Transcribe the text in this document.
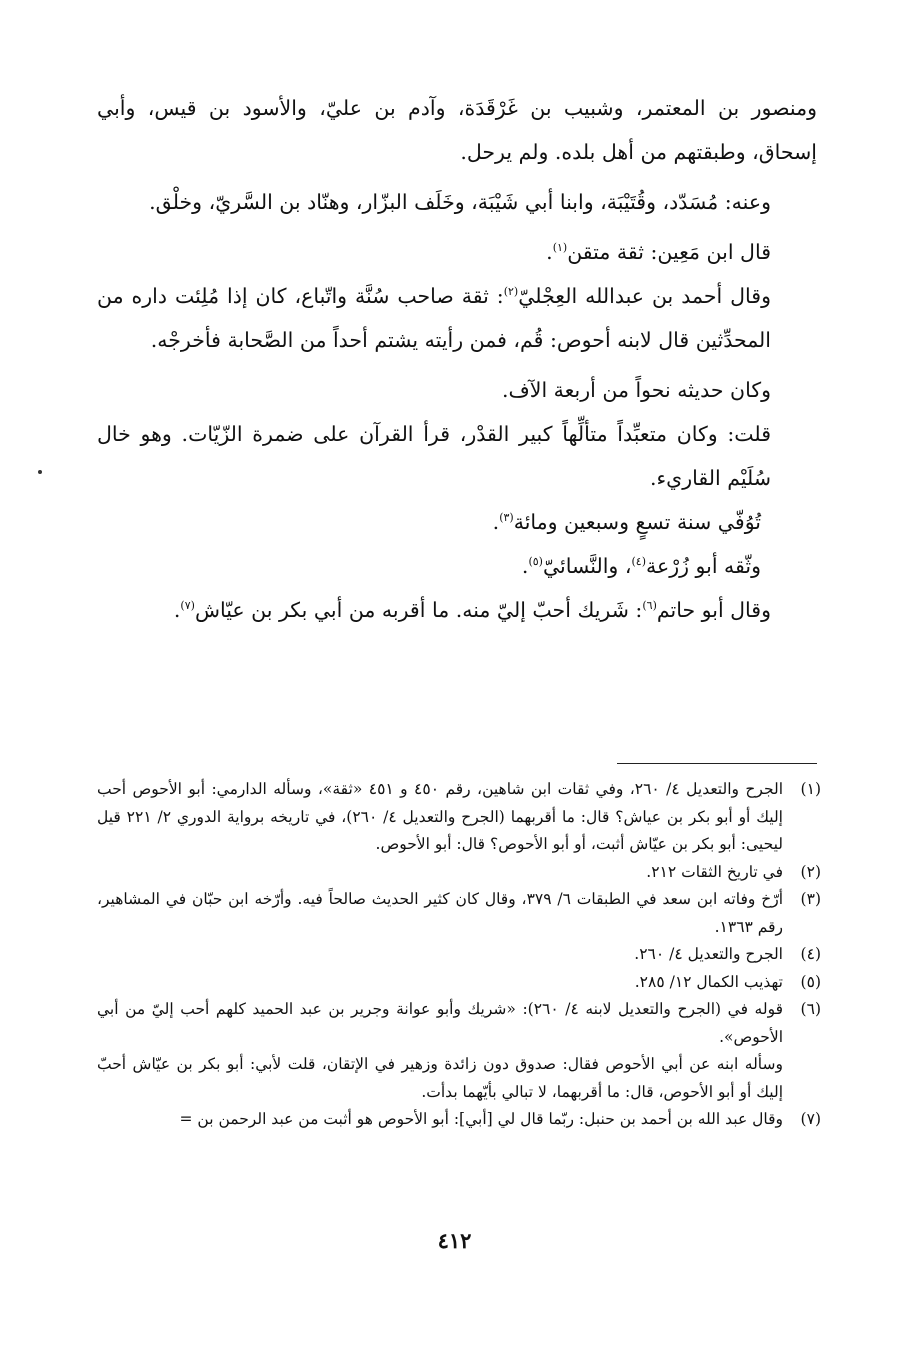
ومنصور بن المعتمر، وشبيب بن غَرْقَدَة، وآدم بن عليّ، والأسود بن قيس، وأبي إسحاق، وطبقتهم من أهل بلده. ولم يرحل.

وعنه: مُسَدّد، وقُتَيْبَة، وابنا أبي شَيْبَة، وخَلَف البزّار، وهنّاد بن السَّريّ، وخلْق.

قال ابن مَعِين: ثقة متقن$^{(١)}$.

وقال أحمد بن عبدالله العِجْليّ$^{(٢)}$: ثقة صاحب سُنَّة واتّباع، كان إذا مُلِئت داره من المحدِّثين قال لابنه أحوص: قُم، فمن رأيته يشتم أحداً من الصَّحابة فأخرجْه.

وكان حديثه نحواً من أربعة الآف.

قلت: وكان متعبِّداً متألِّهاً كبير القدْر، قرأ القرآن على ضمرة الزّيّات. وهو خال سُلَيْم القاريء.

تُوُفّي سنة تسعٍ وسبعين ومائة$^{(٣)}$.

وثّقه أبو زُرْعة$^{(٤)}$، والنَّسائيّ$^{(٥)}$.

وقال أبو حاتم$^{(٦)}$: شَريك أحبّ إليّ منه. ما أقربه من أبي بكر بن عيّاش$^{(٧)}$.

(١)
الجرح والتعديل ٤/ ٢٦٠، وفي ثقات ابن شاهين، رقم ٤٥٠ و ٤٥١ «ثقة»، وسأله الدارمي: أبو الأحوص أحب إليك أو أبو بكر بن عياش؟ قال: ما أقربهما (الجرح والتعديل ٤/ ٢٦٠)، في تاريخه برواية الدوري ٢/ ٢٢١ قيل ليحيى: أبو بكر بن عيّاش أثبت، أو أبو الأحوص؟ قال: أبو الأحوص.
(٢)
في تاريخ الثقات ٢١٢.
(٣)
أرّخ وفاته ابن سعد في الطبقات ٦/ ٣٧٩، وقال كان كثير الحديث صالحاً فيه. وأرّخه ابن حبّان في المشاهير، رقم ١٣٦٣.
(٤)
الجرح والتعديل ٤/ ٢٦٠.
(٥)
تهذيب الكمال ١٢/ ٢٨٥.
(٦)
قوله في (الجرح والتعديل لابنه ٤/ ٢٦٠): «شريك وأبو عوانة وجرير بن عبد الحميد كلهم أحب إليّ من أبي الأحوص».
وسأله ابنه عن أبي الأحوص فقال: صدوق دون زائدة وزهير في الإتقان، قلت لأبي: أبو بكر بن عيّاش أحبّ إليك أو أبو الأحوص، قال: ما أقربهما، لا تبالي بأيّهما بدأت.
(٧)
وقال عبد الله بن أحمد بن حنبل: ربّما قال لي [أبي]: أبو الأحوص هو أثبت من عبد الرحمن بن =
٤١٢
